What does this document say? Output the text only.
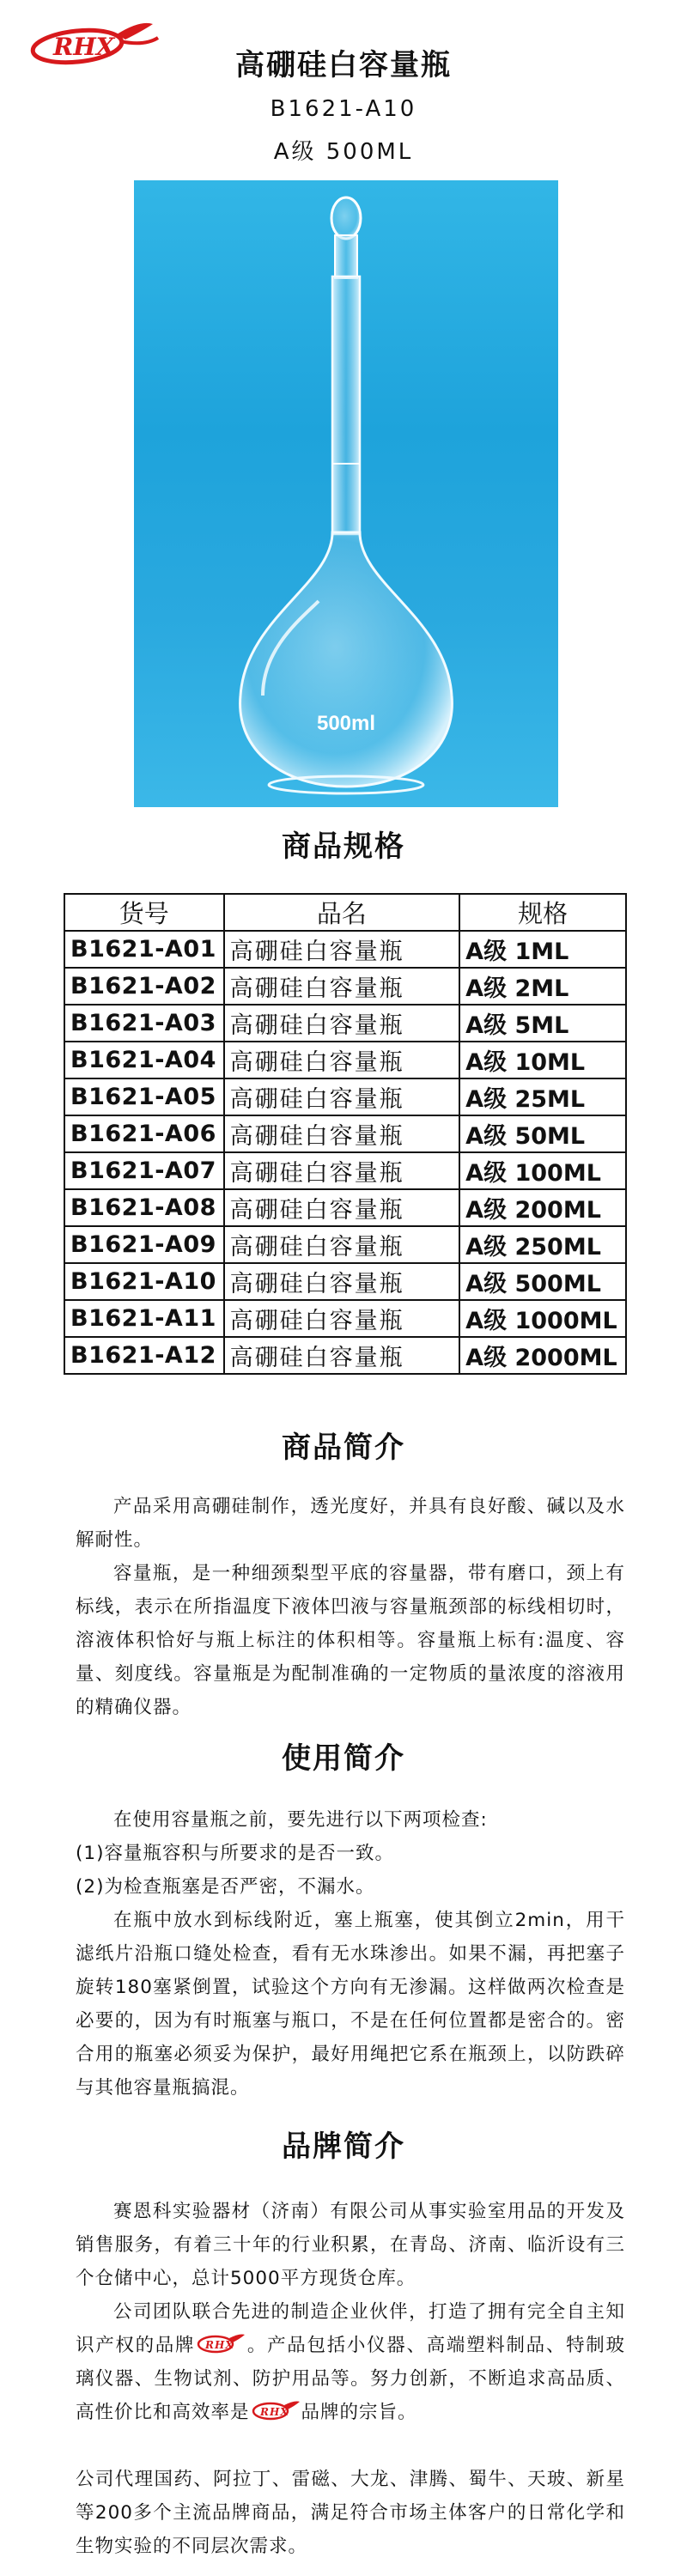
RHX
高硼硅白容量瓶
B1621-A10
A级 500ML
500ml
商品规格
货号	品名	规格
B1621-A01	高硼硅白容量瓶	A级 1ML
B1621-A02	高硼硅白容量瓶	A级 2ML
B1621-A03	高硼硅白容量瓶	A级 5ML
B1621-A04	高硼硅白容量瓶	A级 10ML
B1621-A05	高硼硅白容量瓶	A级 25ML
B1621-A06	高硼硅白容量瓶	A级 50ML
B1621-A07	高硼硅白容量瓶	A级 100ML
B1621-A08	高硼硅白容量瓶	A级 200ML
B1621-A09	高硼硅白容量瓶	A级 250ML
B1621-A10	高硼硅白容量瓶	A级 500ML
B1621-A11	高硼硅白容量瓶	A级 1000ML
B1621-A12	高硼硅白容量瓶	A级 2000ML
商品简介

产品采用高硼硅制作，透光度好，并具有良好酸、碱以及水解耐性。

容量瓶，是一种细颈梨型平底的容量器，带有磨口，颈上有标线，表示在所指温度下液体凹液与容量瓶颈部的标线相切时，溶液体积恰好与瓶上标注的体积相等。容量瓶上标有:温度、容量、刻度线。容量瓶是为配制准确的一定物质的量浓度的溶液用的精确仪器。

使用简介

在使用容量瓶之前，要先进行以下两项检查:

(1)容量瓶容积与所要求的是否一致。

(2)为检查瓶塞是否严密，不漏水。

在瓶中放水到标线附近，塞上瓶塞，使其倒立2min，用干滤纸片沿瓶口缝处检查，看有无水珠渗出。如果不漏，再把塞子旋转180塞紧倒置，试验这个方向有无渗漏。这样做两次检查是必要的，因为有时瓶塞与瓶口，不是在任何位置都是密合的。密合用的瓶塞必须妥为保护，最好用绳把它系在瓶颈上，以防跌碎与其他容量瓶搞混。

品牌简介

赛恩科实验器材（济南）有限公司从事实验室用品的开发及销售服务，有着三十年的行业积累，在青岛、济南、临沂设有三个仓储中心，总计5000平方现货仓库。

公司团队联合先进的制造企业伙伴，打造了拥有完全自主知识产权的品牌 RHX 。产品包括小仪器、高端塑料制品、特制玻璃仪器、生物试剂、防护用品等。努力创新，不断追求高品质、高性价比和高效率是 RHX 品牌的宗旨。

公司代理国药、阿拉丁、雷磁、大龙、津腾、蜀牛、天玻、新星等200多个主流品牌商品，满足符合市场主体客户的日常化学和生物实验的不同层次需求。
